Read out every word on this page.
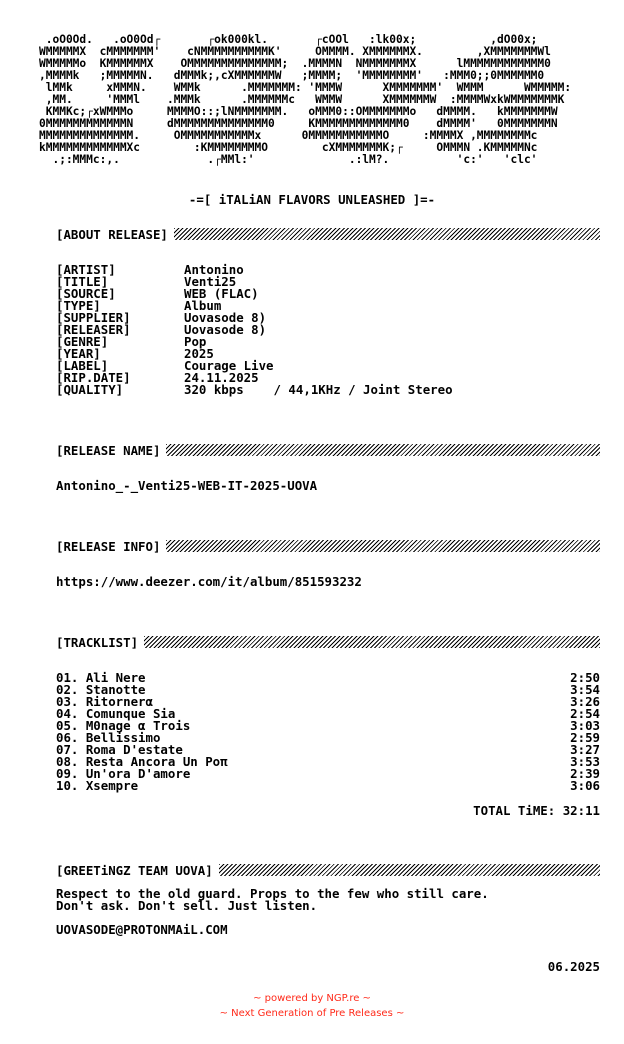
.oO0Od.   .oO0Od┌       ┌ok000kl.       ┌cOOl   :lk00x;           ,dO00x;
WMMMMMX  cMMMMMMM'    cNMMMMMMMMMMK'     OMMMM. XMMMMMMX.        ,XMMMMMMMWl
WMMMMMo  KMMMMMMX    OMMMMMMMMMMMMMM;  .MMMMN  NMMMMMMMX      lMMMMMMMMMMMM0
,MMMMk   ;MMMMMN.   dMMMk;,cXMMMMMMW   ;MMMM;  'MMMMMMMM'   :MMM0;;0MMMMMM0
lMMk     xMMMN.    WMMk      .MMMMMMM: 'MMMW      XMMMMMMM'  WMMM      WMMMMM:
,MM.     'MMMl    .MMMk      .MMMMMMc   WMMW      XMMMMMMW  :MMMMWxkWMMMMMMMK
KMMKc;┌xWMMMo     MMMMO::;lNMMMMMMM.   oMMM0::OMMMMMMMo   dMMMM.   kMMMMMMMW
0MMMMMMMMMMMMN     dMMMMMMMMMMMMMM0     KMMMMMMMMMMMMM0    dMMMM'   0MMMMMMMN
MMMMMMMMMMMMMM.     OMMMMMMMMMMMx      0MMMMMMMMMMMO     :MMMMX ,MMMMMMMMc
kMMMMMMMMMMMMXc        :KMMMMMMMMO        cXMMMMMMMK;┌     OMMMN .KMMMMMNc
.;:MMMc:,.             .┌MMl:'              .:lM?.          'c:'   'clc'
-=[ iTALiAN FLAVORS UNLEASHED ]=-
[ABOUT RELEASE]
[ARTIST]	Antonino
[TITLE]	Venti25
[SOURCE]	WEB (FLAC)
[TYPE]	Album
[SUPPLIER]	Uovasode 8)
[RELEASER]	Uovasode 8)
[GENRE]	Pop
[YEAR]	2025
[LABEL]	Courage Live
[RIP.DATE]	24.11.2025
[QUALITY]	320 kbps    / 44,1KHz / Joint Stereo
[RELEASE NAME]
Antonino_-_Venti25-WEB-IT-2025-UOVA
[RELEASE INFO]
https://www.deezer.com/it/album/851593232
[TRACKLIST]
01. Ali Nere	2:50
02. Stanotte	3:54
03. Ritornerα	3:26
04. Comunque Sia	2:54
05. M0nage α Trois	3:03
06. Bellissimo	2:59
07. Roma D'estate	3:27
08. Resta Ancora Un Poπ	3:53
09. Un'ora D'amore	2:39
10. Xsempre	3:06
TOTAL TiME: 32:11
[GREETiNGZ TEAM UOVA]
Respect to the old guard. Props to the few who still care.
Don't ask. Don't sell. Just listen.
UOVASODE@PROTONMAiL.COM
06.2025
~ powered by NGP.re ~
~ Next Generation of Pre Releases ~
